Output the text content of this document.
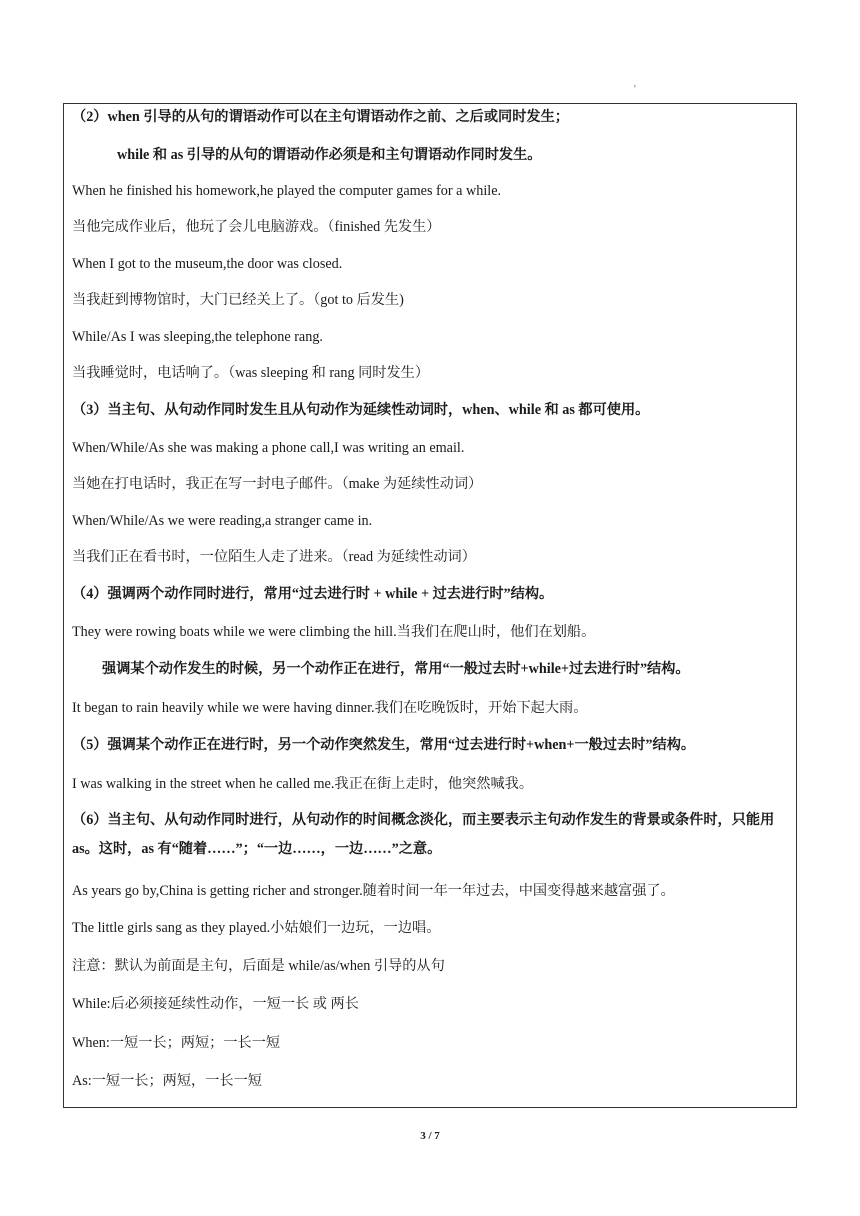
'
（2）when 引导的从句的谓语动作可以在主句谓语动作之前、之后或同时发生；
while 和 as 引导的从句的谓语动作必须是和主句谓语动作同时发生。
When he finished his homework,he played the computer games for a while.
当他完成作业后，他玩了会儿电脑游戏。（finished 先发生）
When I got to the museum,the door was closed.
当我赶到博物馆时，大门已经关上了。（got to 后发生)
While/As I was sleeping,the telephone rang.
当我睡觉时，电话响了。（was sleeping 和 rang 同时发生）
（3）当主句、从句动作同时发生且从句动作为延续性动词时，when、while 和 as 都可使用。
When/While/As she was making a phone call,I was writing an email.
当她在打电话时，我正在写一封电子邮件。（make 为延续性动词）
When/While/As we were reading,a stranger came in.
当我们正在看书时，一位陌生人走了进来。（read 为延续性动词）
（4）强调两个动作同时进行，常用“过去进行时 + while + 过去进行时”结构。
They were rowing boats while we were climbing the hill.当我们在爬山时，他们在划船。
强调某个动作发生的时候，另一个动作正在进行，常用“一般过去时+while+过去进行时”结构。
It began to rain heavily while we were having dinner.我们在吃晚饭时，开始下起大雨。
（5）强调某个动作正在进行时，另一个动作突然发生，常用“过去进行时+when+一般过去时”结构。
I was walking in the street when he called me.我正在街上走时，他突然喊我。
（6）当主句、从句动作同时进行，从句动作的时间概念淡化，而主要表示主句动作发生的背景或条件时，只能用 as。这时，as 有“随着……”；“一边……，一边……”之意。
As years go by,China is getting richer and stronger.随着时间一年一年过去，中国变得越来越富强了。
The little girls sang as they played.小姑娘们一边玩，一边唱。
注意：默认为前面是主句，后面是 while/as/when 引导的从句
While:后必须接延续性动作，一短一长 或 两长
When:一短一长；两短；一长一短
As:一短一长；两短，一长一短
3 / 7
